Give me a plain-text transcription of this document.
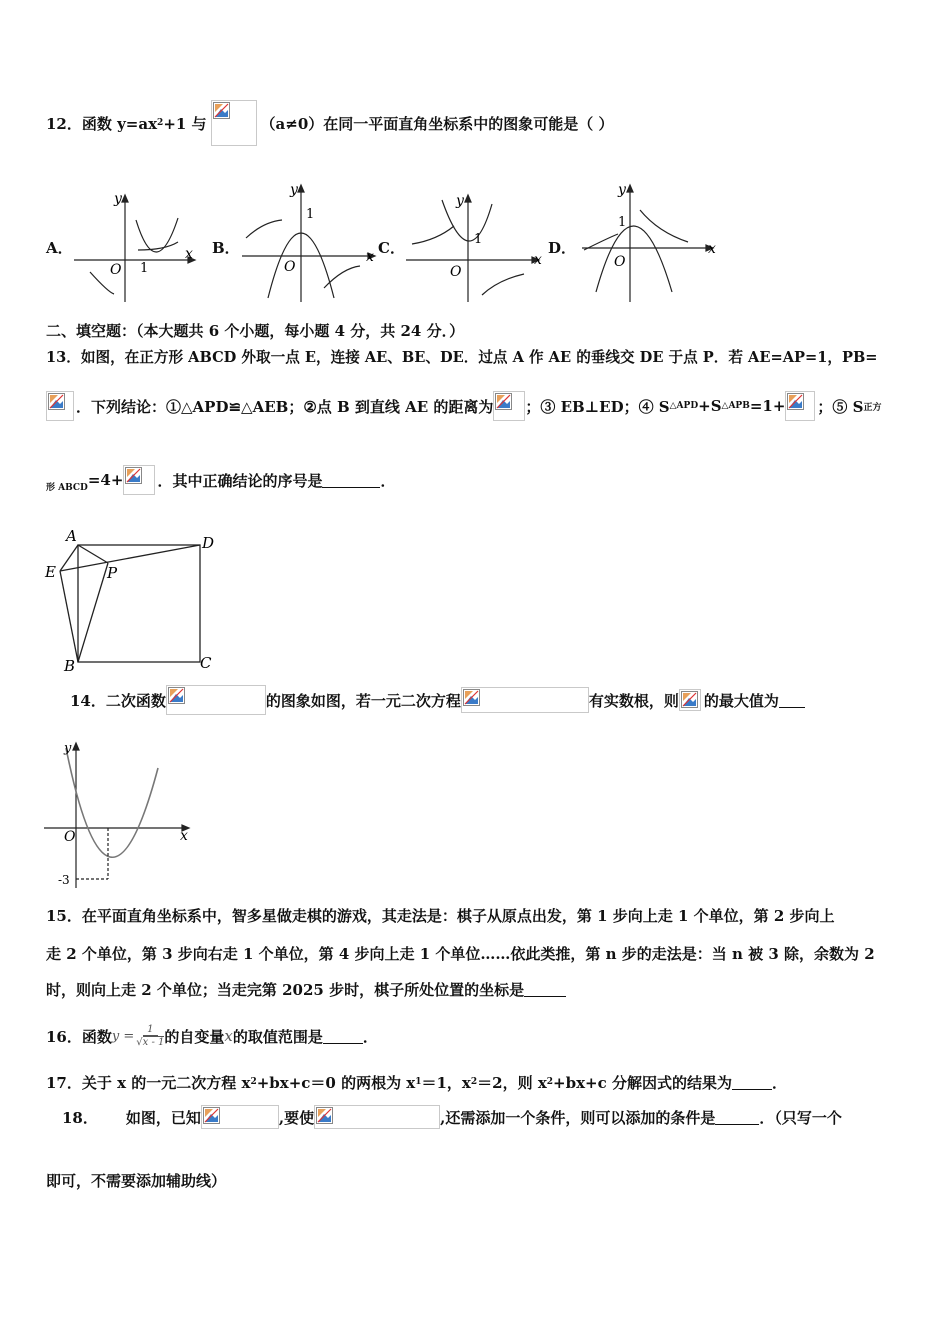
12．函数 y=ax 2 +1 与	（a≠0）在同一平面直角坐标系中的图象可能是（ ）
A．	B．	C．	D．
y
x
O 1
y
x
O
1
y
x
O
1
y
x
O
1
二、填空题：（本大题共 6 个小题，每小题 4 分，共 24 分．）
13．如图，在正方形 ABCD 外取一点 E，连接 AE、BE、DE．过点 A 作 AE 的垂线交 DE 于点 P．若 AE=AP=1，PB=
．下列结论：①△APD≌△AEB；②点 B 到直线 AE 的距离为 ；③ EB⊥ED；④ S △APD +S △APB =1+ ；⑤ S 正方
形 ABCD =4+ ．其中正确结论的序号是	．
A	D
E	P
B	C
14．二次函数	的图象如图，若一元二次方程	有实数根，则 的最大值为
y
x
O
-3
15．在平面直角坐标系中，智多星做走棋的游戏，其走法是：棋子从原点出发，第 1 步向上走 1 个单位，第 2 步向上
走 2 个单位，第 3 步向右走 1 个单位，第 4 步向上走 1 个单位……依此类推，第 n 步的走法是：当 n 被 3 除，余数为 2
时，则向上走 2 个单位；当走完第 2025 步时，棋子所处位置的坐标是
16．函数 $y = \frac{1}{√ x - 1}$ 的自变量 x 的取值范围是	．
17．关于 x 的一元二次方程 x 2 +bx+c＝0 的两根为 x 1 ＝1，x 2 ＝2，则 x 2 +bx+c 分解因式的结果为	．
18． 如图，已知	,要使	,还需添加一个条件，则可以添加的条件是	．（只写一个
即可，不需要添加辅助线）
